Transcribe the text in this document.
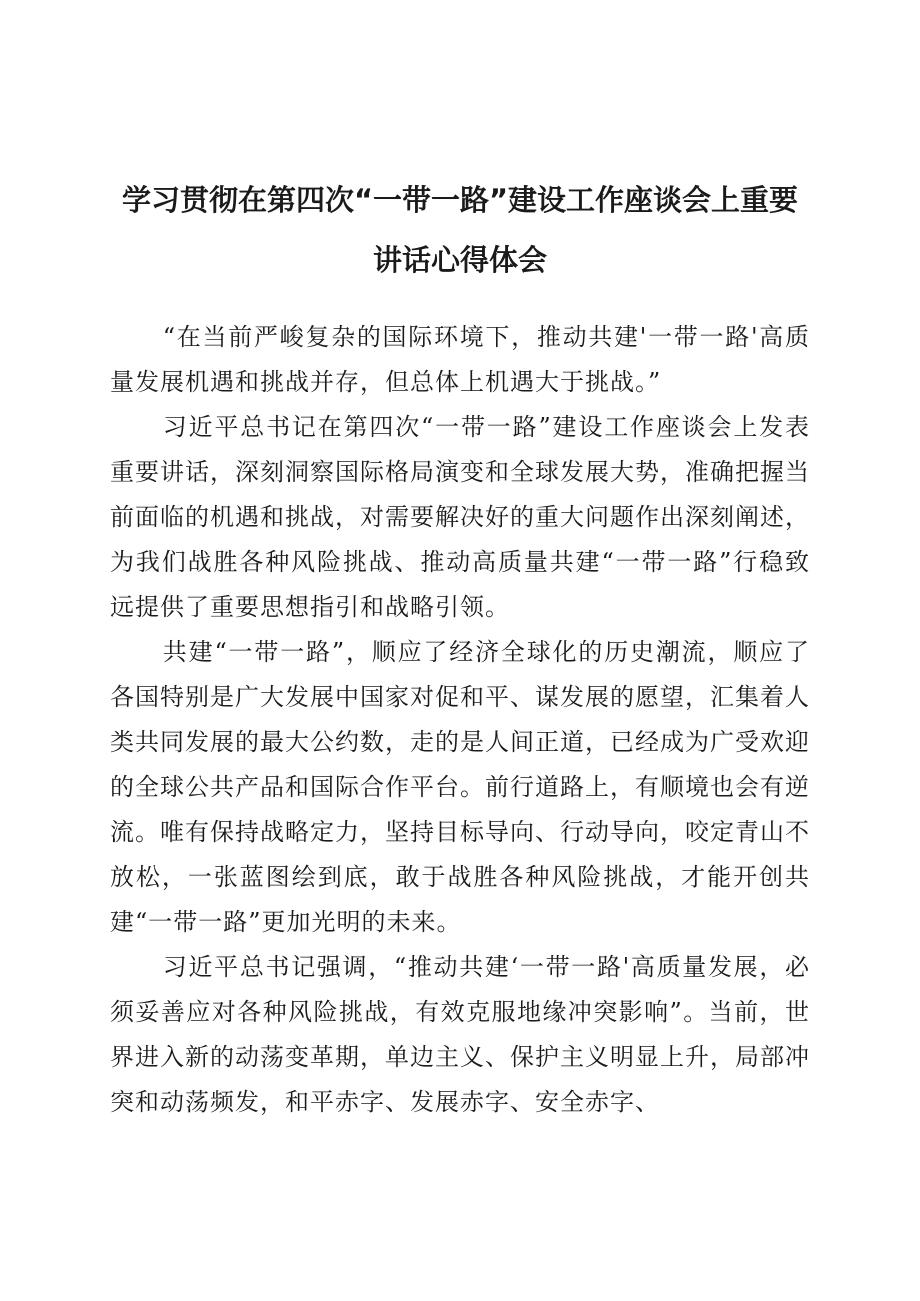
学习贯彻在第四次“一带一路”建设工作座谈会上重要
讲话心得体会

“在当前严峻复杂的国际环境下，推动共建'一带一路'高质量发展机遇和挑战并存，但总体上机遇大于挑战。”

习近平总书记在第四次“一带一路”建设工作座谈会上发表重要讲话，深刻洞察国际格局演变和全球发展大势，准确把握当前面临的机遇和挑战，对需要解决好的重大问题作出深刻阐述，为我们战胜各种风险挑战、推动高质量共建“一带一路”行稳致远提供了重要思想指引和战略引领。

共建“一带一路”，顺应了经济全球化的历史潮流，顺应了各国特别是广大发展中国家对促和平、谋发展的愿望，汇集着人类共同发展的最大公约数，走的是人间正道，已经成为广受欢迎的全球公共产品和国际合作平台。前行道路上，有顺境也会有逆流。唯有保持战略定力，坚持目标导向、行动导向，咬定青山不放松，一张蓝图绘到底，敢于战胜各种风险挑战，才能开创共建“一带一路”更加光明的未来。

习近平总书记强调，“推动共建‘一带一路'高质量发展，必须妥善应对各种风险挑战，有效克服地缘冲突影响”。当前，世界进入新的动荡变革期，单边主义、保护主义明显上升，局部冲突和动荡频发，和平赤字、发展赤字、安全赤字、
